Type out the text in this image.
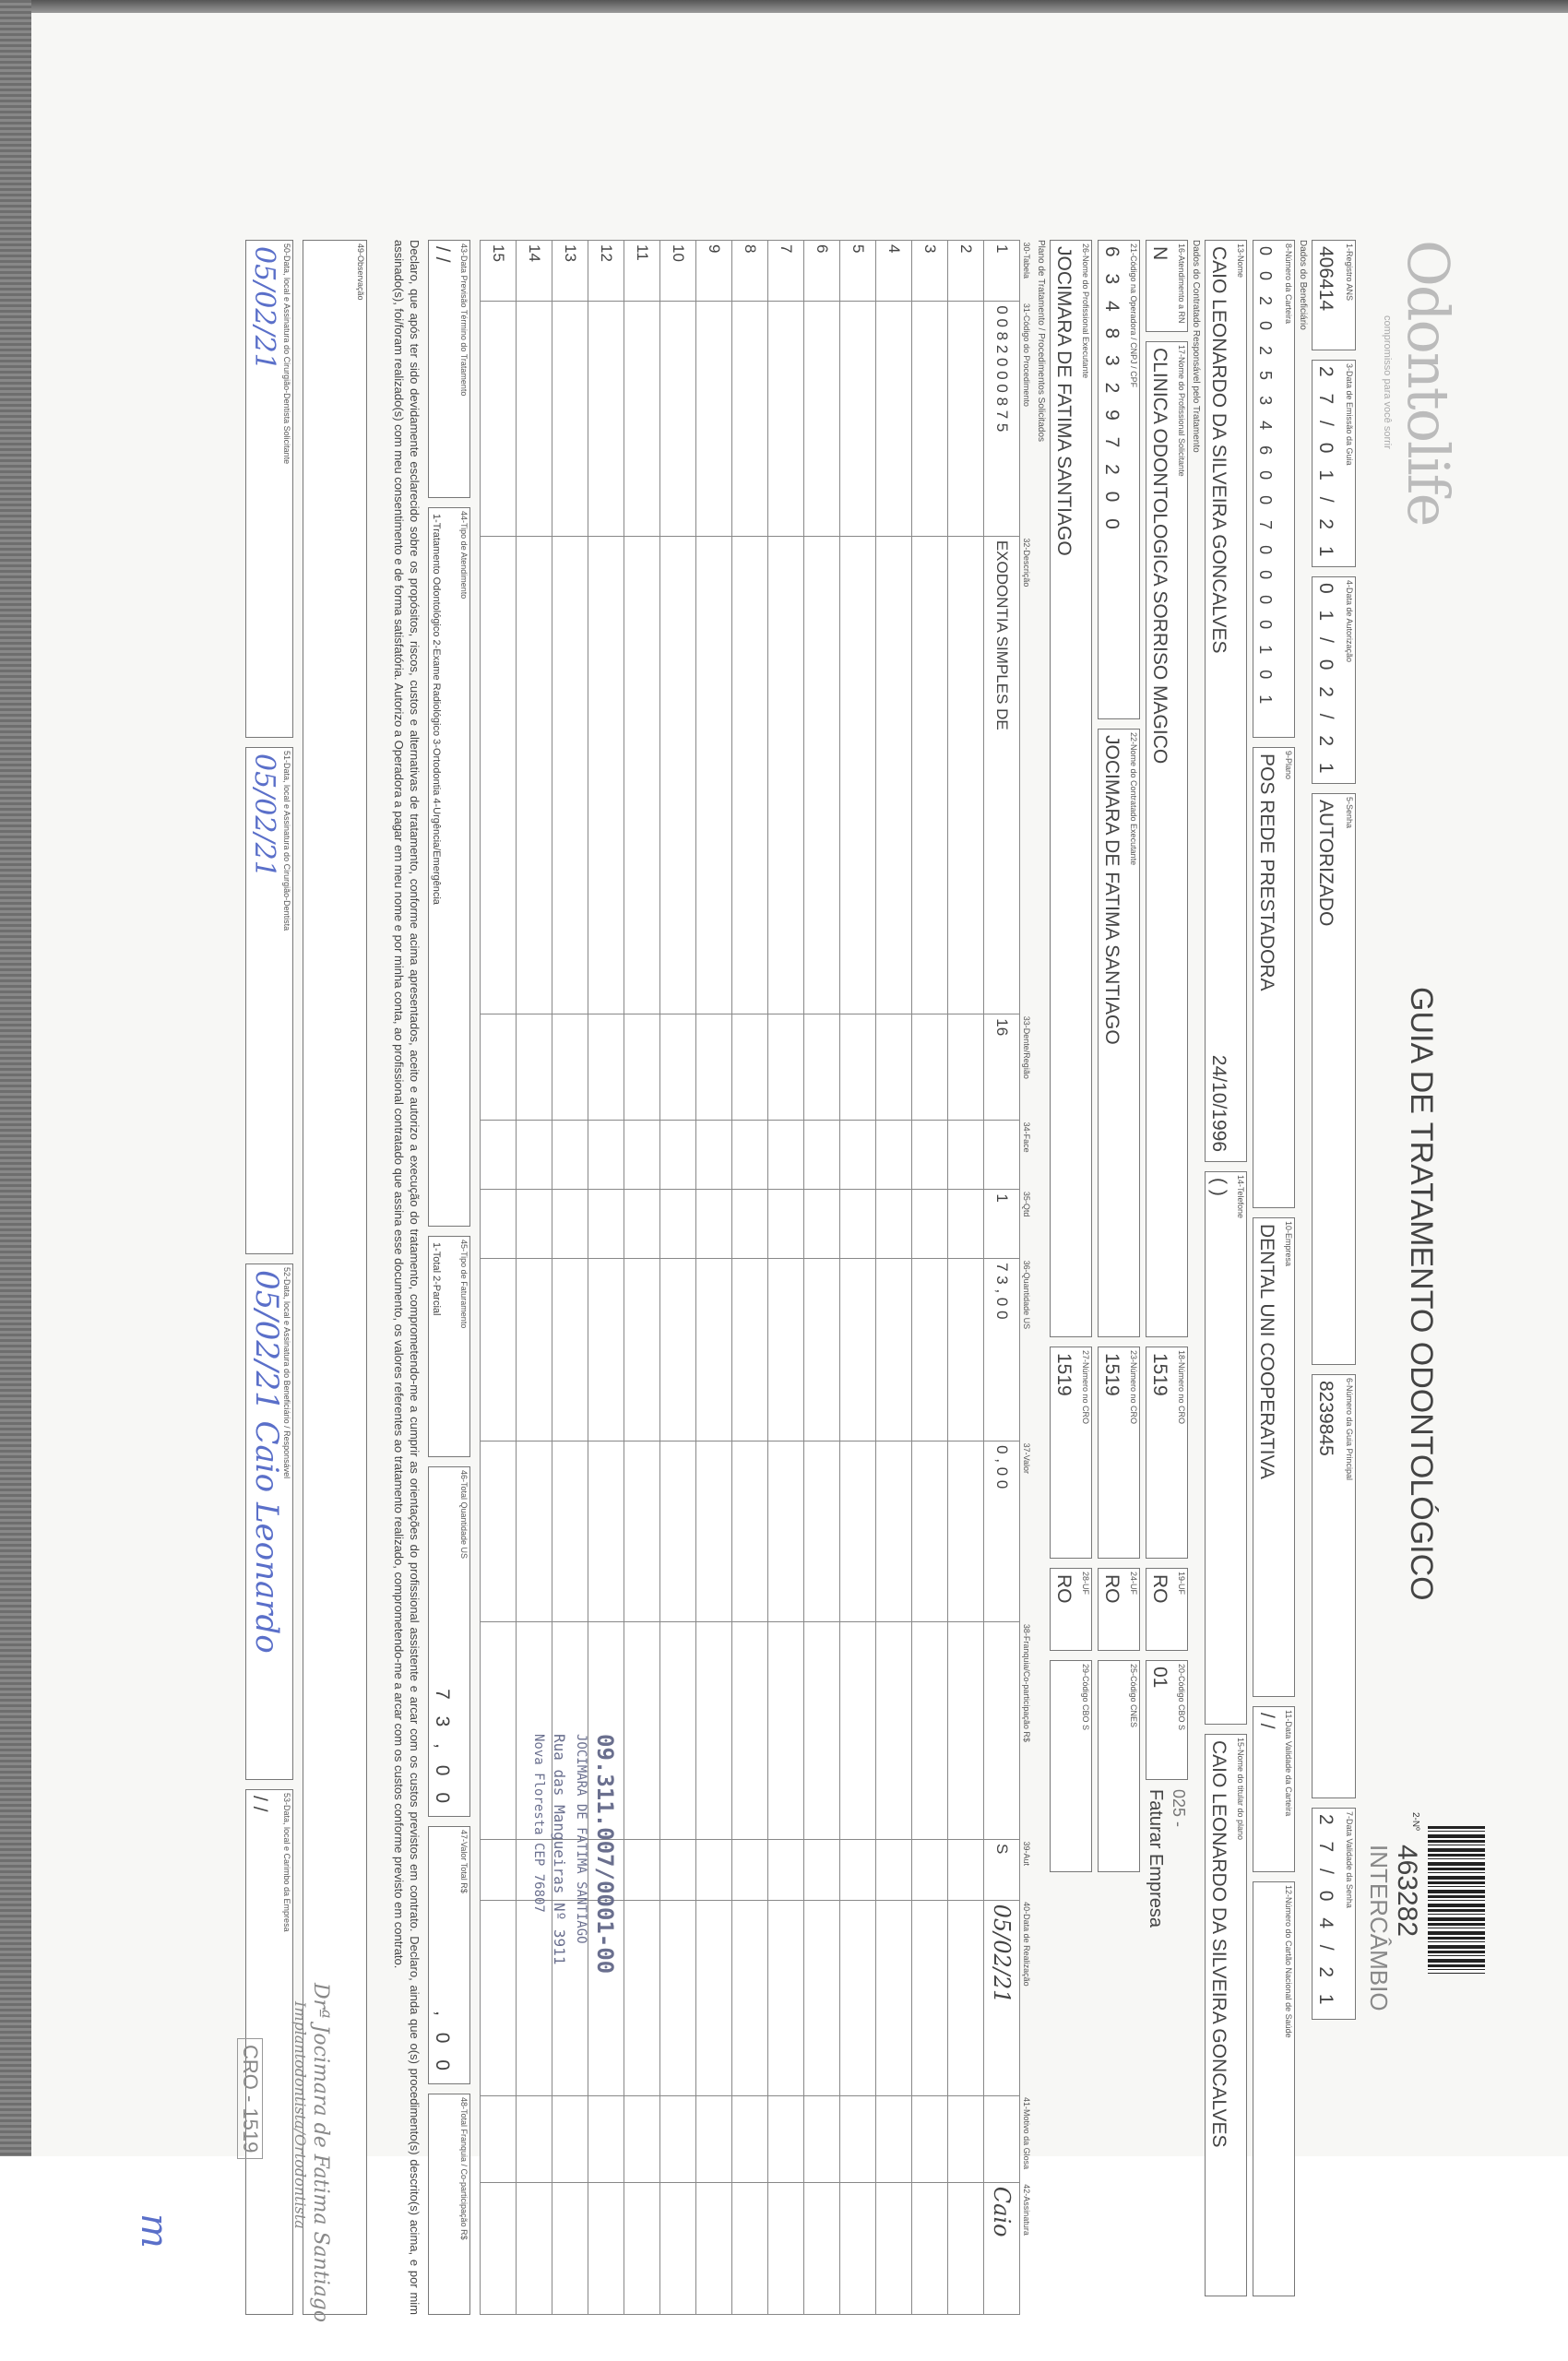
Odontolife
compromisso para você sorrir
GUIA DE TRATAMENTO ODONTOLÓGICO
2-Nº
463282
INTERCÂMBIO
1-Registro ANS
406414
3-Data de Emissão da Guia
2 7 / 0 1 / 2 1
4-Data de Autorização
0 1 / 0 2 / 2 1
5-Senha
AUTORIZADO
6-Número da Guia Principal
8239845
7-Data Validade da Senha
2 7 / 0 4 / 2 1
Dados do Beneficiário
8-Número da Carteira
0 0 2 0 2 5 3 4 6 0 0 7 0 0 0 0 1 0 1
9-Plano
POS REDE PRESTADORA
10-Empresa
DENTAL UNI COOPERATIVA
11-Data Validade da Carteira
/ /
12-Número do Cartão Nacional de Saúde
13-Nome
CAIO LEONARDO DA SILVEIRA GONCALVES
24/10/1996
14-Telefone
( )
15-Nome do titular do plano
CAIO LEONARDO DA SILVEIRA GONCALVES
Dados do Contratado Responsável pelo Tratamento
16-Atendimento a RN
N
17-Nome do Profissional Solicitante
CLINICA ODONTOLOGICA SORRISO MAGICO
18-Número no CRO
1519
19-UF
RO
20-Código CBO S
01
025 -
Faturar Empresa
21-Código na Operadora / CNPJ / CPF
6 3 4 8 3 2 9 7 2 0 0
22-Nome do Contratado Executante
JOCIMARA DE FATIMA SANTIAGO
23-Número no CRO
1519
24-UF
RO
25-Código CNES
26-Nome do Profissional Executante
JOCIMARA DE FATIMA SANTIAGO
27-Número no CRO
1519
28-UF
RO
29-Código CBO S
Plano de Tratamento / Procedimentos Solicitados
30-Tabela	31-Código do Procedimento	32-Descrição	33-Dente/Região	34-Face	35-Qtd	36-Quantidade US	37-Valor	38-Franquia/Co-participação R$	39-Aut	40-Data de Realização	41-Motivo da Glosa	42-Assinatura
1	0 0 8 2 0 0 0 8 7 5	EXODONTIA SIMPLES DE	16		1	7 3 , 0 0	0 , 0 0		S	05/02/21		Caio
2												
3												
4												
5												
6												
7												
8												
9												
10												
11												
12												
13												
14												
15												
43-Data Previsão Término do Tratamento
/ /
44-Tipo de Atendimento
1-Tratamento Odontológico 2-Exame Radiológico 3-Ortodontia 4-Urgência/Emergência
45-Tipo de Faturamento
1-Total 2-Parcial
46-Total Quantidade US
7 3 , 0 0
47-Valor Total R$
, 0 0
48-Total Franquia / Co-participação R$
Declaro, que após ter sido devidamente esclarecido sobre os propósitos, riscos, custos e alternativas de tratamento, conforme acima apresentados, aceito e autorizo a execução do tratamento, comprometendo-me a cumprir as orientações do profissional assistente e arcar com os custos previstos em contrato. Declaro, ainda que o(s) procedimento(s) descrito(s) acima, e por mim assinado(s), foi/foram realizado(s) com meu consentimento e de forma satisfatória. Autorizo a Operadora a pagar em meu nome e por minha conta, ao profissional contratado que assina esse documento, os valores referentes ao tratamento realizado, comprometendo-me a arcar com os custos conforme previsto em contrato.
49-Observação
50-Data, local e Assinatura do Cirurgião-Dentista Solicitante
05/02/21
51-Data, local e Assinatura do Cirurgião-Dentista
05/02/21
52-Data, local e Assinatura do Beneficiário / Responsável
05/02/21 Caio Leonardo
53-Data, local e Carimbo da Empresa
/ /	09.311.007/0001-00
JOCIMARA DE FATIMA SANTIAGO
Rua das Mangueiras Nº 3911
Nova Floresta CEP 76807
Drª Jocimara de Fatima Santiago
Implantodontista/Ortodontista
CRO - 1519
m
